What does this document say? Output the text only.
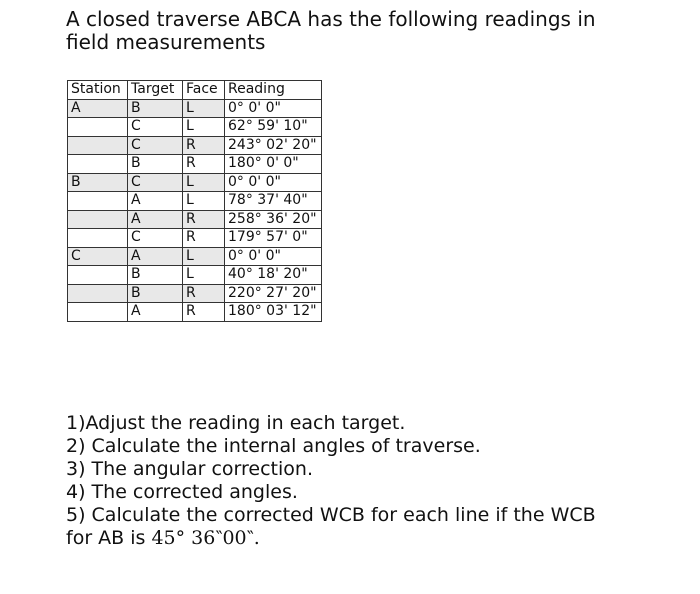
A closed traverse ABCA has the following readings in
field measurements
Station	Target	Face	Reading
A	B	L	0° 0' 0"
	C	L	62° 59' 10"
	C	R	243° 02' 20"
	B	R	180° 0' 0"
B	C	L	0° 0' 0"
	A	L	78° 37' 40"
	A	R	258° 36' 20"
	C	R	179° 57' 0"
C	A	L	0° 0' 0"
	B	L	40° 18' 20"
	B	R	220° 27' 20"
	A	R	180° 03' 12"
1)Adjust the reading in each target.
2) Calculate the internal angles of traverse.
3) The angular correction.
4) The corrected angles.
5) Calculate the corrected WCB for each line if the WCB
for AB is 45° 36‶00‶.
